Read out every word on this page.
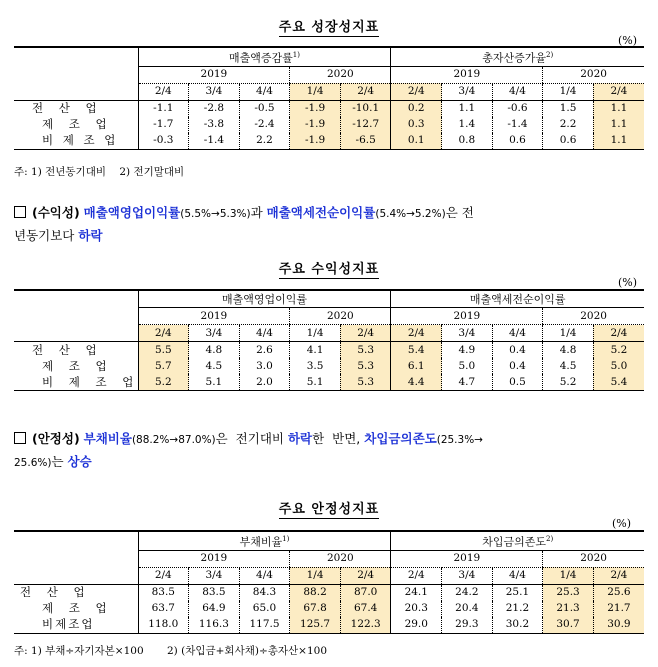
주요 성장성지표
(%)
	매출액증감률$^{1)}$					총자산증가율$^{2)}$
	2019			2020		2019			2020	
	2/4	3/4	4/4	1/4	2/4	2/4	3/4	4/4	1/4	2/4
전 산 업	-1.1	-2.8	-0.5	-1.9	-10.1	0.2	1.1	-0.6	1.5	1.1
제 조 업	-1.7	-3.8	-2.4	-1.9	-12.7	0.3	1.4	-1.4	2.2	1.1
비 제 조 업	-0.3	-1.4	2.2	-1.9	-6.5	0.1	0.8	0.6	0.6	1.1
주: 1) 전년동기대비    2) 전기말대비
(수익성) 매출액영업이익률(5.5%→5.3%)과 매출액세전순이익률(5.4%→5.2%)은 전
년동기보다 하락
주요 수익성지표
(%)
	매출액영업이익률					매출액세전순이익률				
	2019			2020		2019			2020	
	2/4	3/4	4/4	1/4	2/4	2/4	3/4	4/4	1/4	2/4
전 산 업	5.5	4.8	2.6	4.1	5.3	5.4	4.9	0.4	4.8	5.2
제 조 업	5.7	4.5	3.0	3.5	5.3	6.1	5.0	0.4	4.5	5.0
비 제 조 업	5.2	5.1	2.0	5.1	5.3	4.4	4.7	0.5	5.2	5.4
(안정성) 부채비율(88.2%→87.0%)은  전기대비 하락한  반면, 차입금의존도(25.3%→
25.6%)는 상승
주요 안정성지표
(%)
	부채비율$^{1)}$					차입금의존도$^{2)}$
	2019			2020		2019			2020	
	2/4	3/4	4/4	1/4	2/4	2/4	3/4	4/4	1/4	2/4
전 산 업	83.5	83.5	84.3	88.2	87.0	24.1	24.2	25.1	25.3	25.6
제 조 업	63.7	64.9	65.0	67.8	67.4	20.3	20.4	21.2	21.3	21.7
비제조업	118.0	116.3	117.5	125.7	122.3	29.0	29.3	30.2	30.7	30.9
주: 1) 부채÷자기자본×100       2) (차입금+회사채)÷총자산×100
